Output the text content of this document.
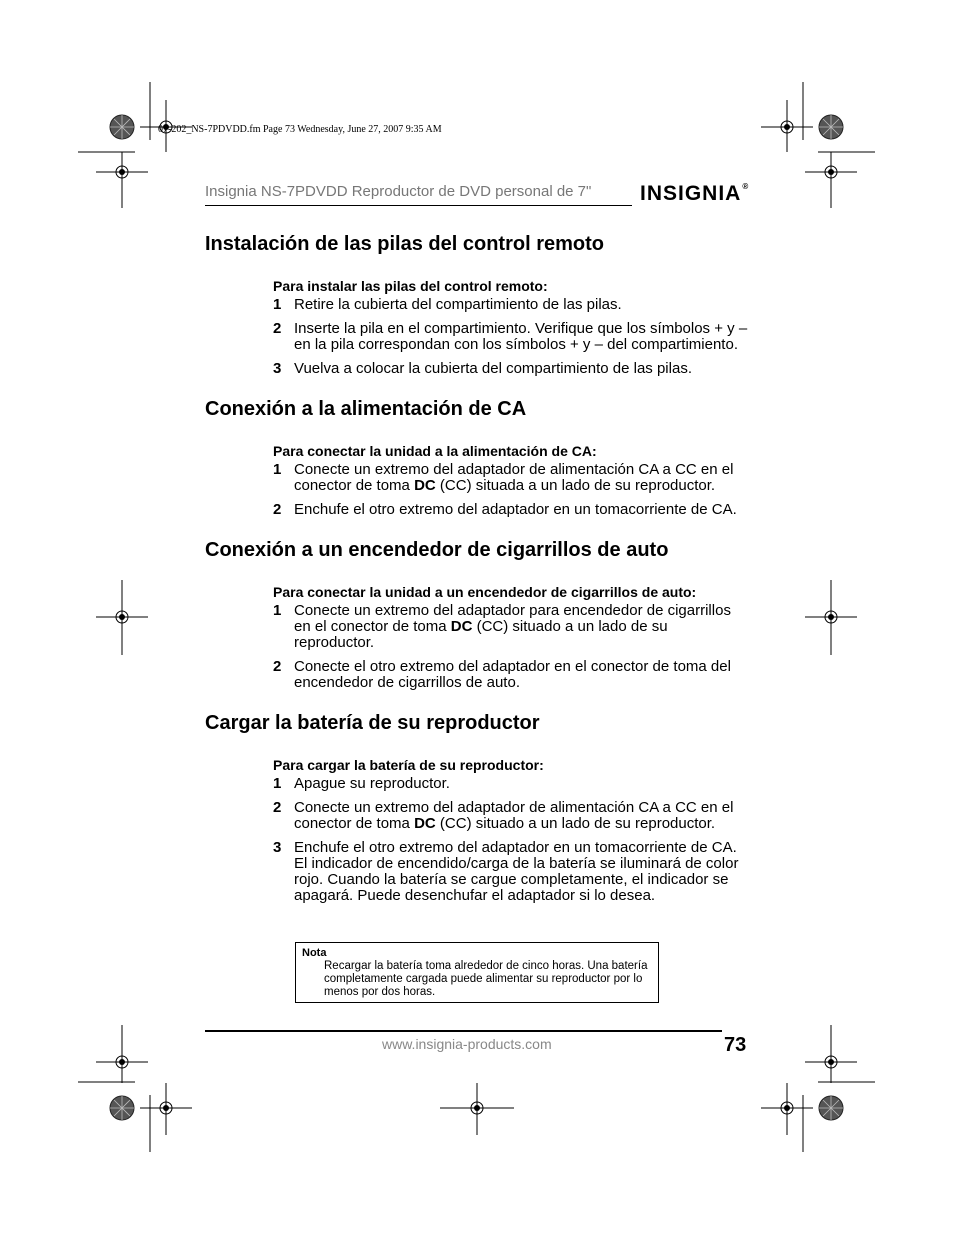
07-202_NS-7PDVDD.fm Page 73 Wednesday, June 27, 2007 9:35 AM
Insignia NS-7PDVDD Reproductor de DVD personal de 7" INSIGNIA®
Instalación de las pilas del control remoto
Para instalar las pilas del control remoto:
1 Retire la cubierta del compartimiento de las pilas.
2 Inserte la pila en el compartimiento. Verifique que los símbolos + y – en la pila correspondan con los símbolos + y – del compartimiento.
3 Vuelva a colocar la cubierta del compartimiento de las pilas.
Conexión a la alimentación de CA
Para conectar la unidad a la alimentación de CA:
1 Conecte un extremo del adaptador de alimentación CA a CC en el conector de toma DC (CC) situada a un lado de su reproductor.
2 Enchufe el otro extremo del adaptador en un tomacorriente de CA.
Conexión a un encendedor de cigarrillos de auto
Para conectar la unidad a un encendedor de cigarrillos de auto:
1 Conecte un extremo del adaptador para encendedor de cigarrillos en el conector de toma DC (CC) situado a un lado de su reproductor.
2 Conecte el otro extremo del adaptador en el conector de toma del encendedor de cigarrillos de auto.
Cargar la batería de su reproductor
Para cargar la batería de su reproductor:
1 Apague su reproductor.
2 Conecte un extremo del adaptador de alimentación CA a CC en el conector de toma DC (CC) situado a un lado de su reproductor.
3 Enchufe el otro extremo del adaptador en un tomacorriente de CA. El indicador de encendido/carga de la batería se iluminará de color rojo. Cuando la batería se cargue completamente, el indicador se apagará. Puede desenchufar el adaptador si lo desea.
Nota
Recargar la batería toma alrededor de cinco horas. Una batería completamente cargada puede alimentar su reproductor por lo menos por dos horas.
www.insignia-products.com	73
